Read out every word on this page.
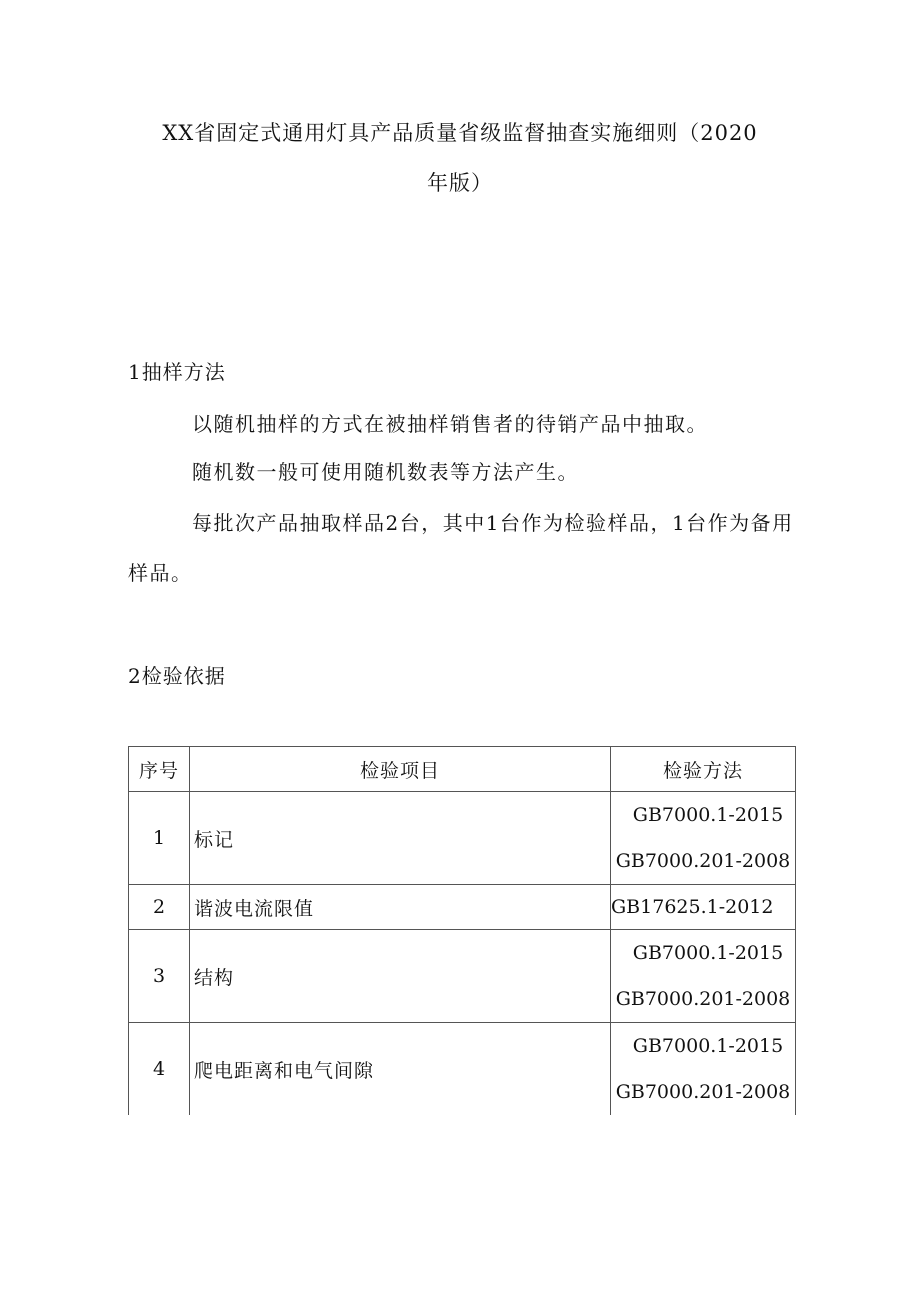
XX省固定式通用灯具产品质量省级监督抽查实施细则（2020
年版）
1抽样方法
以随机抽样的方式在被抽样销售者的待销产品中抽取。
随机数一般可使用随机数表等方法产生。
每批次产品抽取样品2台，其中1台作为检验样品，1台作为备用样品。
2检验依据
序号	检验项目	检验方法
1	标记	GB7000.1-2015
GB7000.201-2008

2	谐波电流限值	GB17625.1-2012

3	结构	GB7000.1-2015
GB7000.201-2008

4	爬电距离和电气间隙	GB7000.1-2015
GB7000.201-2008
